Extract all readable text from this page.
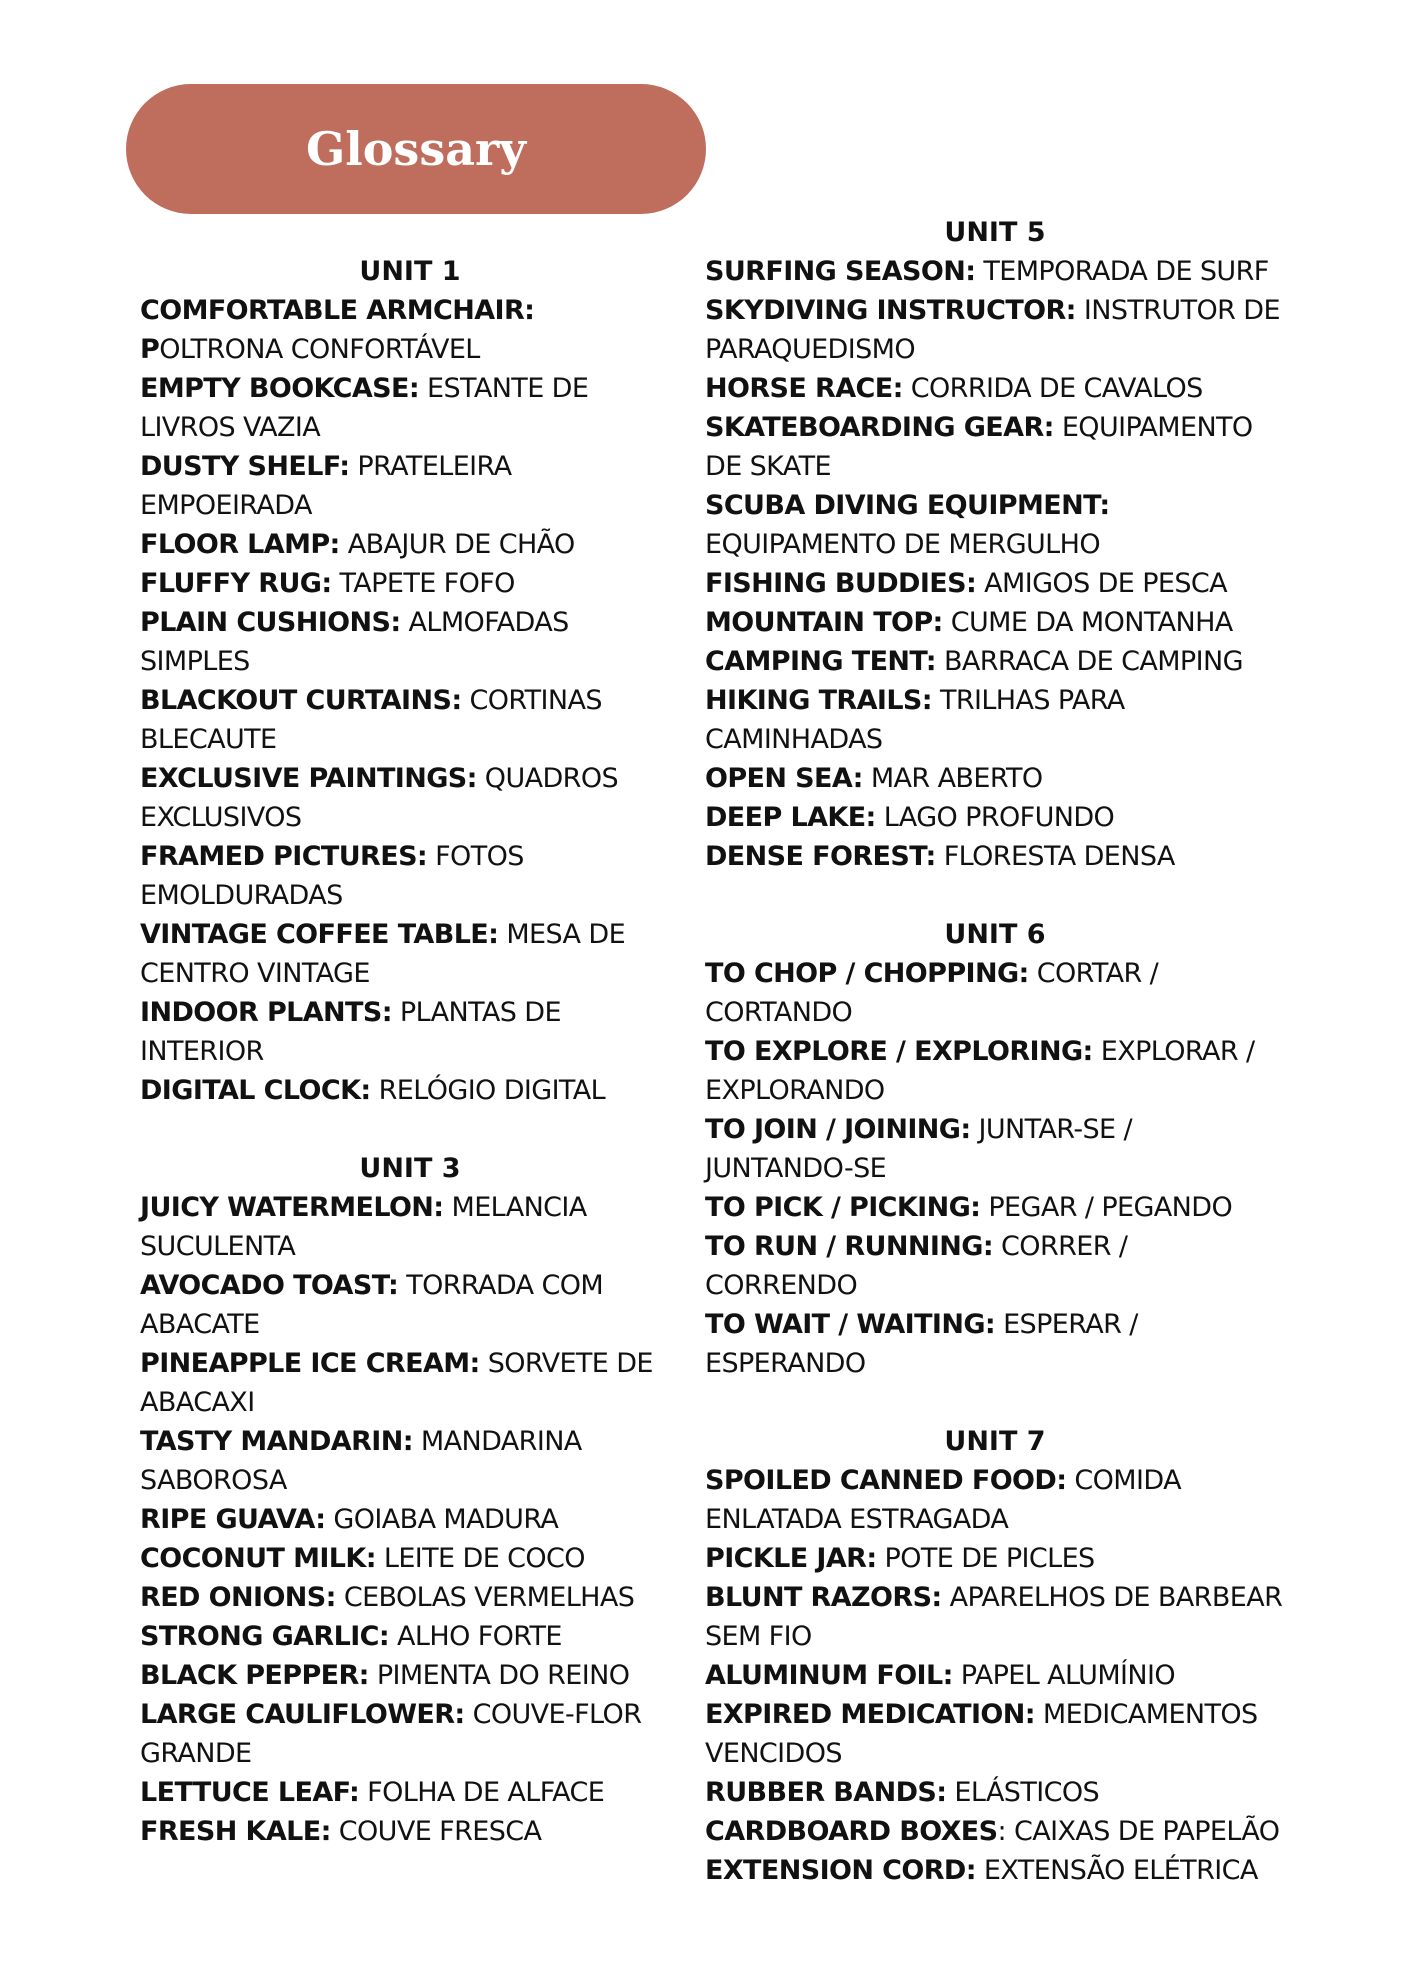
Glossary

UNIT 1

COMFORTABLE ARMCHAIR: POLTRONA CONFORTÁVEL

EMPTY BOOKCASE: ESTANTE DE LIVROS VAZIA

DUSTY SHELF: PRATELEIRA EMPOEIRADA

FLOOR LAMP: ABAJUR DE CHÃO

FLUFFY RUG: TAPETE FOFO

PLAIN CUSHIONS: ALMOFADAS SIMPLES

BLACKOUT CURTAINS: CORTINAS BLECAUTE

EXCLUSIVE PAINTINGS: QUADROS EXCLUSIVOS

FRAMED PICTURES: FOTOS EMOLDURADAS

VINTAGE COFFEE TABLE: MESA DE CENTRO VINTAGE

INDOOR PLANTS: PLANTAS DE INTERIOR

DIGITAL CLOCK: RELÓGIO DIGITAL

UNIT 3

JUICY WATERMELON: MELANCIA SUCULENTA

AVOCADO TOAST: TORRADA COM ABACATE

PINEAPPLE ICE CREAM: SORVETE DE ABACAXI

TASTY MANDARIN: MANDARINA SABOROSA

RIPE GUAVA: GOIABA MADURA

COCONUT MILK: LEITE DE COCO

RED ONIONS: CEBOLAS VERMELHAS

STRONG GARLIC: ALHO FORTE

BLACK PEPPER: PIMENTA DO REINO

LARGE CAULIFLOWER: COUVE-FLOR GRANDE

LETTUCE LEAF: FOLHA DE ALFACE

FRESH KALE: COUVE FRESCA

UNIT 5

SURFING SEASON: TEMPORADA DE SURF

SKYDIVING INSTRUCTOR: INSTRUTOR DE PARAQUEDISMO

HORSE RACE: CORRIDA DE CAVALOS

SKATEBOARDING GEAR: EQUIPAMENTO DE SKATE

SCUBA DIVING EQUIPMENT: EQUIPAMENTO DE MERGULHO

FISHING BUDDIES: AMIGOS DE PESCA

MOUNTAIN TOP: CUME DA MONTANHA

CAMPING TENT: BARRACA DE CAMPING

HIKING TRAILS: TRILHAS PARA CAMINHADAS

OPEN SEA: MAR ABERTO

DEEP LAKE: LAGO PROFUNDO

DENSE FOREST: FLORESTA DENSA

UNIT 6

TO CHOP / CHOPPING: CORTAR / CORTANDO

TO EXPLORE / EXPLORING: EXPLORAR / EXPLORANDO

TO JOIN / JOINING: JUNTAR-SE / JUNTANDO-SE

TO PICK / PICKING: PEGAR / PEGANDO

TO RUN / RUNNING: CORRER / CORRENDO

TO WAIT / WAITING: ESPERAR / ESPERANDO

UNIT 7

SPOILED CANNED FOOD: COMIDA ENLATADA ESTRAGADA

PICKLE JAR: POTE DE PICLES

BLUNT RAZORS: APARELHOS DE BARBEAR SEM FIO

ALUMINUM FOIL: PAPEL ALUMÍNIO

EXPIRED MEDICATION: MEDICAMENTOS VENCIDOS

RUBBER BANDS: ELÁSTICOS

CARDBOARD BOXES: CAIXAS DE PAPELÃO

EXTENSION CORD: EXTENSÃO ELÉTRICA
